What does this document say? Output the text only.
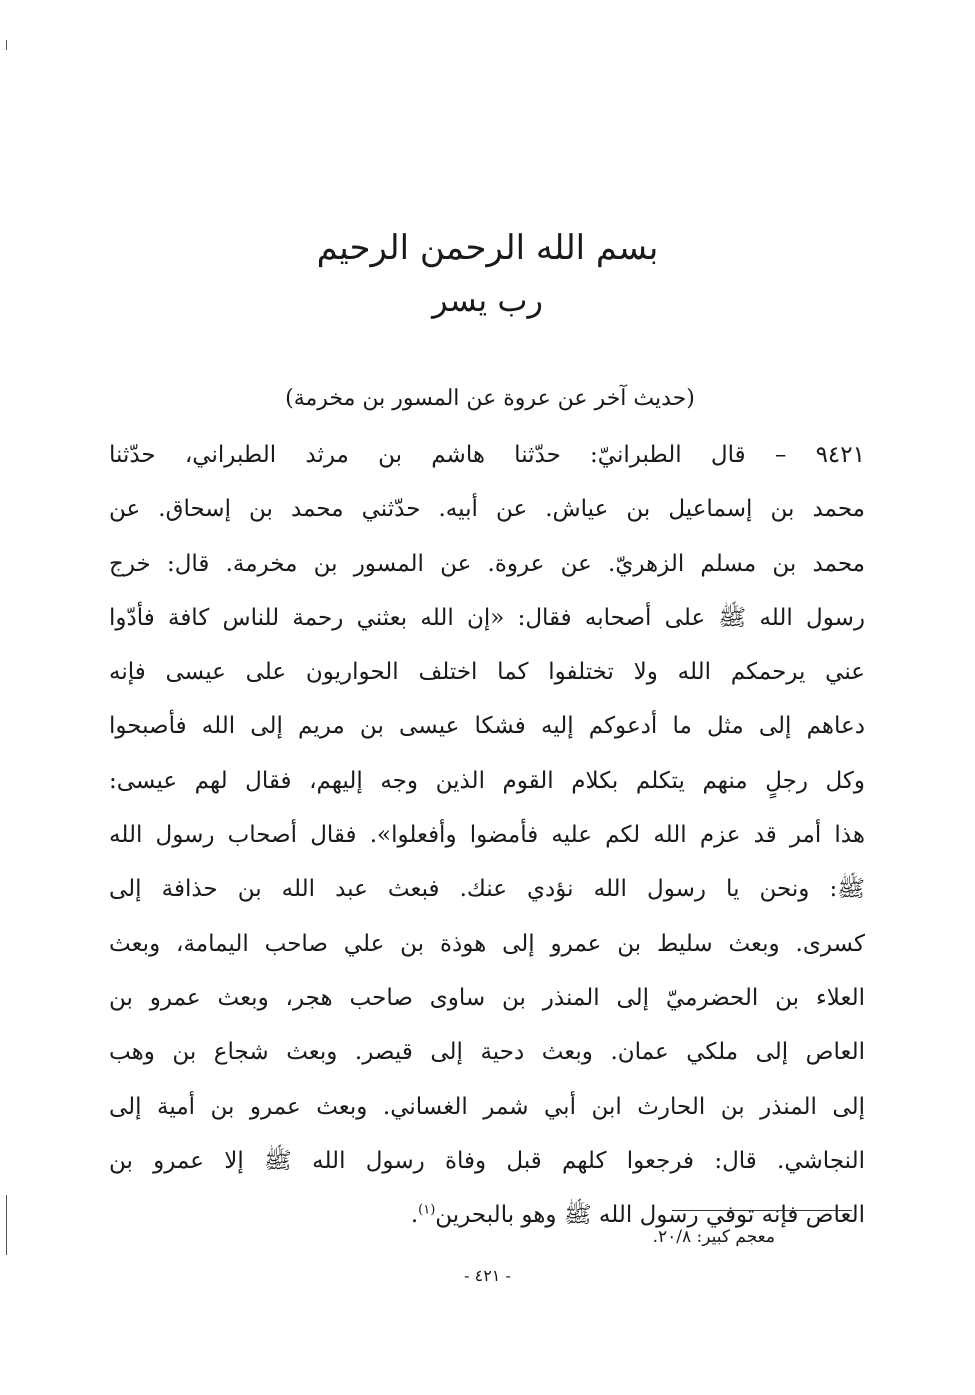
بسم الله الرحمن الرحيم
رب يسر
(حديث آخر عن عروة عن المسور بن مخرمة)
٩٤٢١ – قال الطبرانيّ: حدّثنا هاشم بن مرثد الطبراني، حدّثنا
محمد بن إسماعيل بن عياش. عن أبيه. حدّثني محمد بن إسحاق. عن
محمد بن مسلم الزهريّ. عن عروة. عن المسور بن مخرمة. قال: خرج
رسول الله ﷺ على أصحابه فقال: «إن الله بعثني رحمة للناس كافة فأدّوا
عني يرحمكم الله ولا تختلفوا كما اختلف الحواريون على عيسى فإنه
دعاهم إلى مثل ما أدعوكم إليه فشكا عيسى بن مريم إلى الله فأصبحوا
وكل رجلٍ منهم يتكلم بكلام القوم الذين وجه إليهم، فقال لهم عيسى:
هذا أمر قد عزم الله لكم عليه فأمضوا وأفعلوا». فقال أصحاب رسول الله
ﷺ: ونحن يا رسول الله نؤدي عنك. فبعث عبد الله بن حذافة إلى
كسرى. وبعث سليط بن عمرو إلى هوذة بن علي صاحب اليمامة، وبعث
العلاء بن الحضرميّ إلى المنذر بن ساوى صاحب هجر، وبعث عمرو بن
العاص إلى ملكي عمان. وبعث دحية إلى قيصر. وبعث شجاع بن وهب
إلى المنذر بن الحارث ابن أبي شمر الغساني. وبعث عمرو بن أمية إلى
النجاشي. قال: فرجعوا كلهم قبل وفاة رسول الله ﷺ إلا عمرو بن
العاص فإنه توفي رسول الله ﷺ وهو بالبحرين$^{(١)}$.
معجم كبير: ٢٠/٨.
- ٤٢١ -
